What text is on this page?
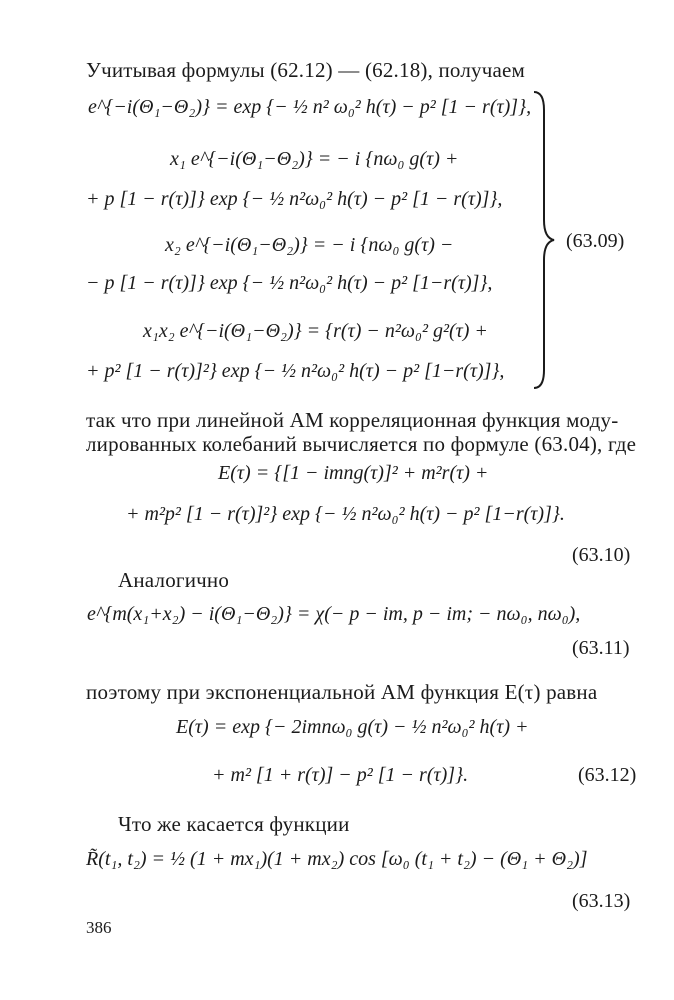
Учитывая формулы (62.12) — (62.18), получаем
e^{−i(Θ₁−Θ₂)} = exp {− ½ n² ω₀² h(τ) − p² [1 − r(τ)]},
x₁ e^{−i(Θ₁−Θ₂)} = − i {nω₀ g(τ) +
+ p [1 − r(τ)]} exp {− ½ n²ω₀² h(τ) − p² [1 − r(τ)]},
x₂ e^{−i(Θ₁−Θ₂)} = − i {nω₀ g(τ) −
− p [1 − r(τ)]} exp {− ½ n²ω₀² h(τ) − p² [1−r(τ)]},
x₁x₂ e^{−i(Θ₁−Θ₂)} = {r(τ) − n²ω₀² g²(τ) +
+ p² [1 − r(τ)]²} exp {− ½ n²ω₀² h(τ) − p² [1−r(τ)]},
(63.09)
так что при линейной АМ корреляционная функция моду-
лированных колебаний вычисляется по формуле (63.04), где
E(τ) = {[1 − imng(τ)]² + m²r(τ) +
+ m²p² [1 − r(τ)]²} exp {− ½ n²ω₀² h(τ) − p² [1−r(τ)]}.
(63.10)
Аналогично
e^{m(x₁+x₂) − i(Θ₁−Θ₂)} = χ(− p − im, p − im; − nω₀, nω₀),
(63.11)
поэтому при экспоненциальной АМ функция E(τ) равна
E(τ) = exp {− 2imnω₀ g(τ) − ½ n²ω₀² h(τ) +
+ m² [1 + r(τ)] − p² [1 − r(τ)]}.	(63.12)
Что же касается функции
R̃(t₁, t₂) = ½ (1 + mx₁)(1 + mx₂) cos [ω₀ (t₁ + t₂) − (Θ₁ + Θ₂)]
(63.13)
386
